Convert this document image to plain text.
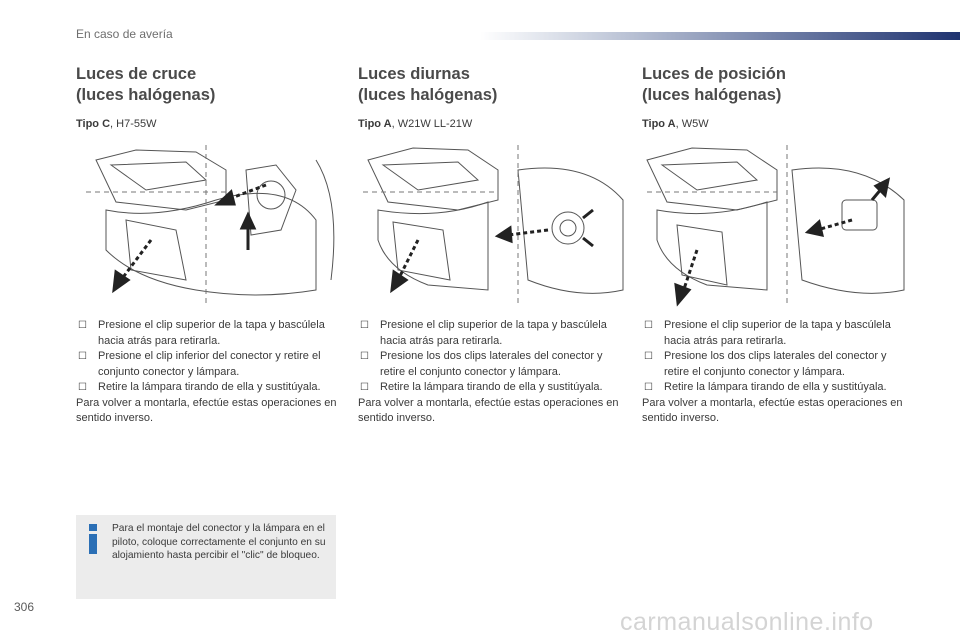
En caso de avería
Luces de cruce
(luces halógenas)
Tipo C, H7-55W
☐ Presione el clip superior de la tapa y bascúlela hacia atrás para retirarla.
☐ Presione el clip inferior del conector y retire el conjunto conector y lámpara.
☐ Retire la lámpara tirando de ella y sustitúyala.

Para volver a montarla, efectúe estas operaciones en sentido inverso.

Luces diurnas
(luces halógenas)
Tipo A, W21W LL-21W
☐ Presione el clip superior de la tapa y bascúlela hacia atrás para retirarla.
☐ Presione los dos clips laterales del conector y retire el conjunto conector y lámpara.
☐ Retire la lámpara tirando de ella y sustitúyala.

Para volver a montarla, efectúe estas operaciones en sentido inverso.

Luces de posición
(luces halógenas)
Tipo A, W5W
☐ Presione el clip superior de la tapa y bascúlela hacia atrás para retirarla.
☐ Presione los dos clips laterales del conector y retire el conjunto conector y lámpara.
☐ Retire la lámpara tirando de ella y sustitúyala.

Para volver a montarla, efectúe estas operaciones en sentido inverso.

Para el montaje del conector y la lámpara en el piloto, coloque correctamente el conjunto en su alojamiento hasta percibir el "clic" de bloqueo.
306
carmanualsonline.info
